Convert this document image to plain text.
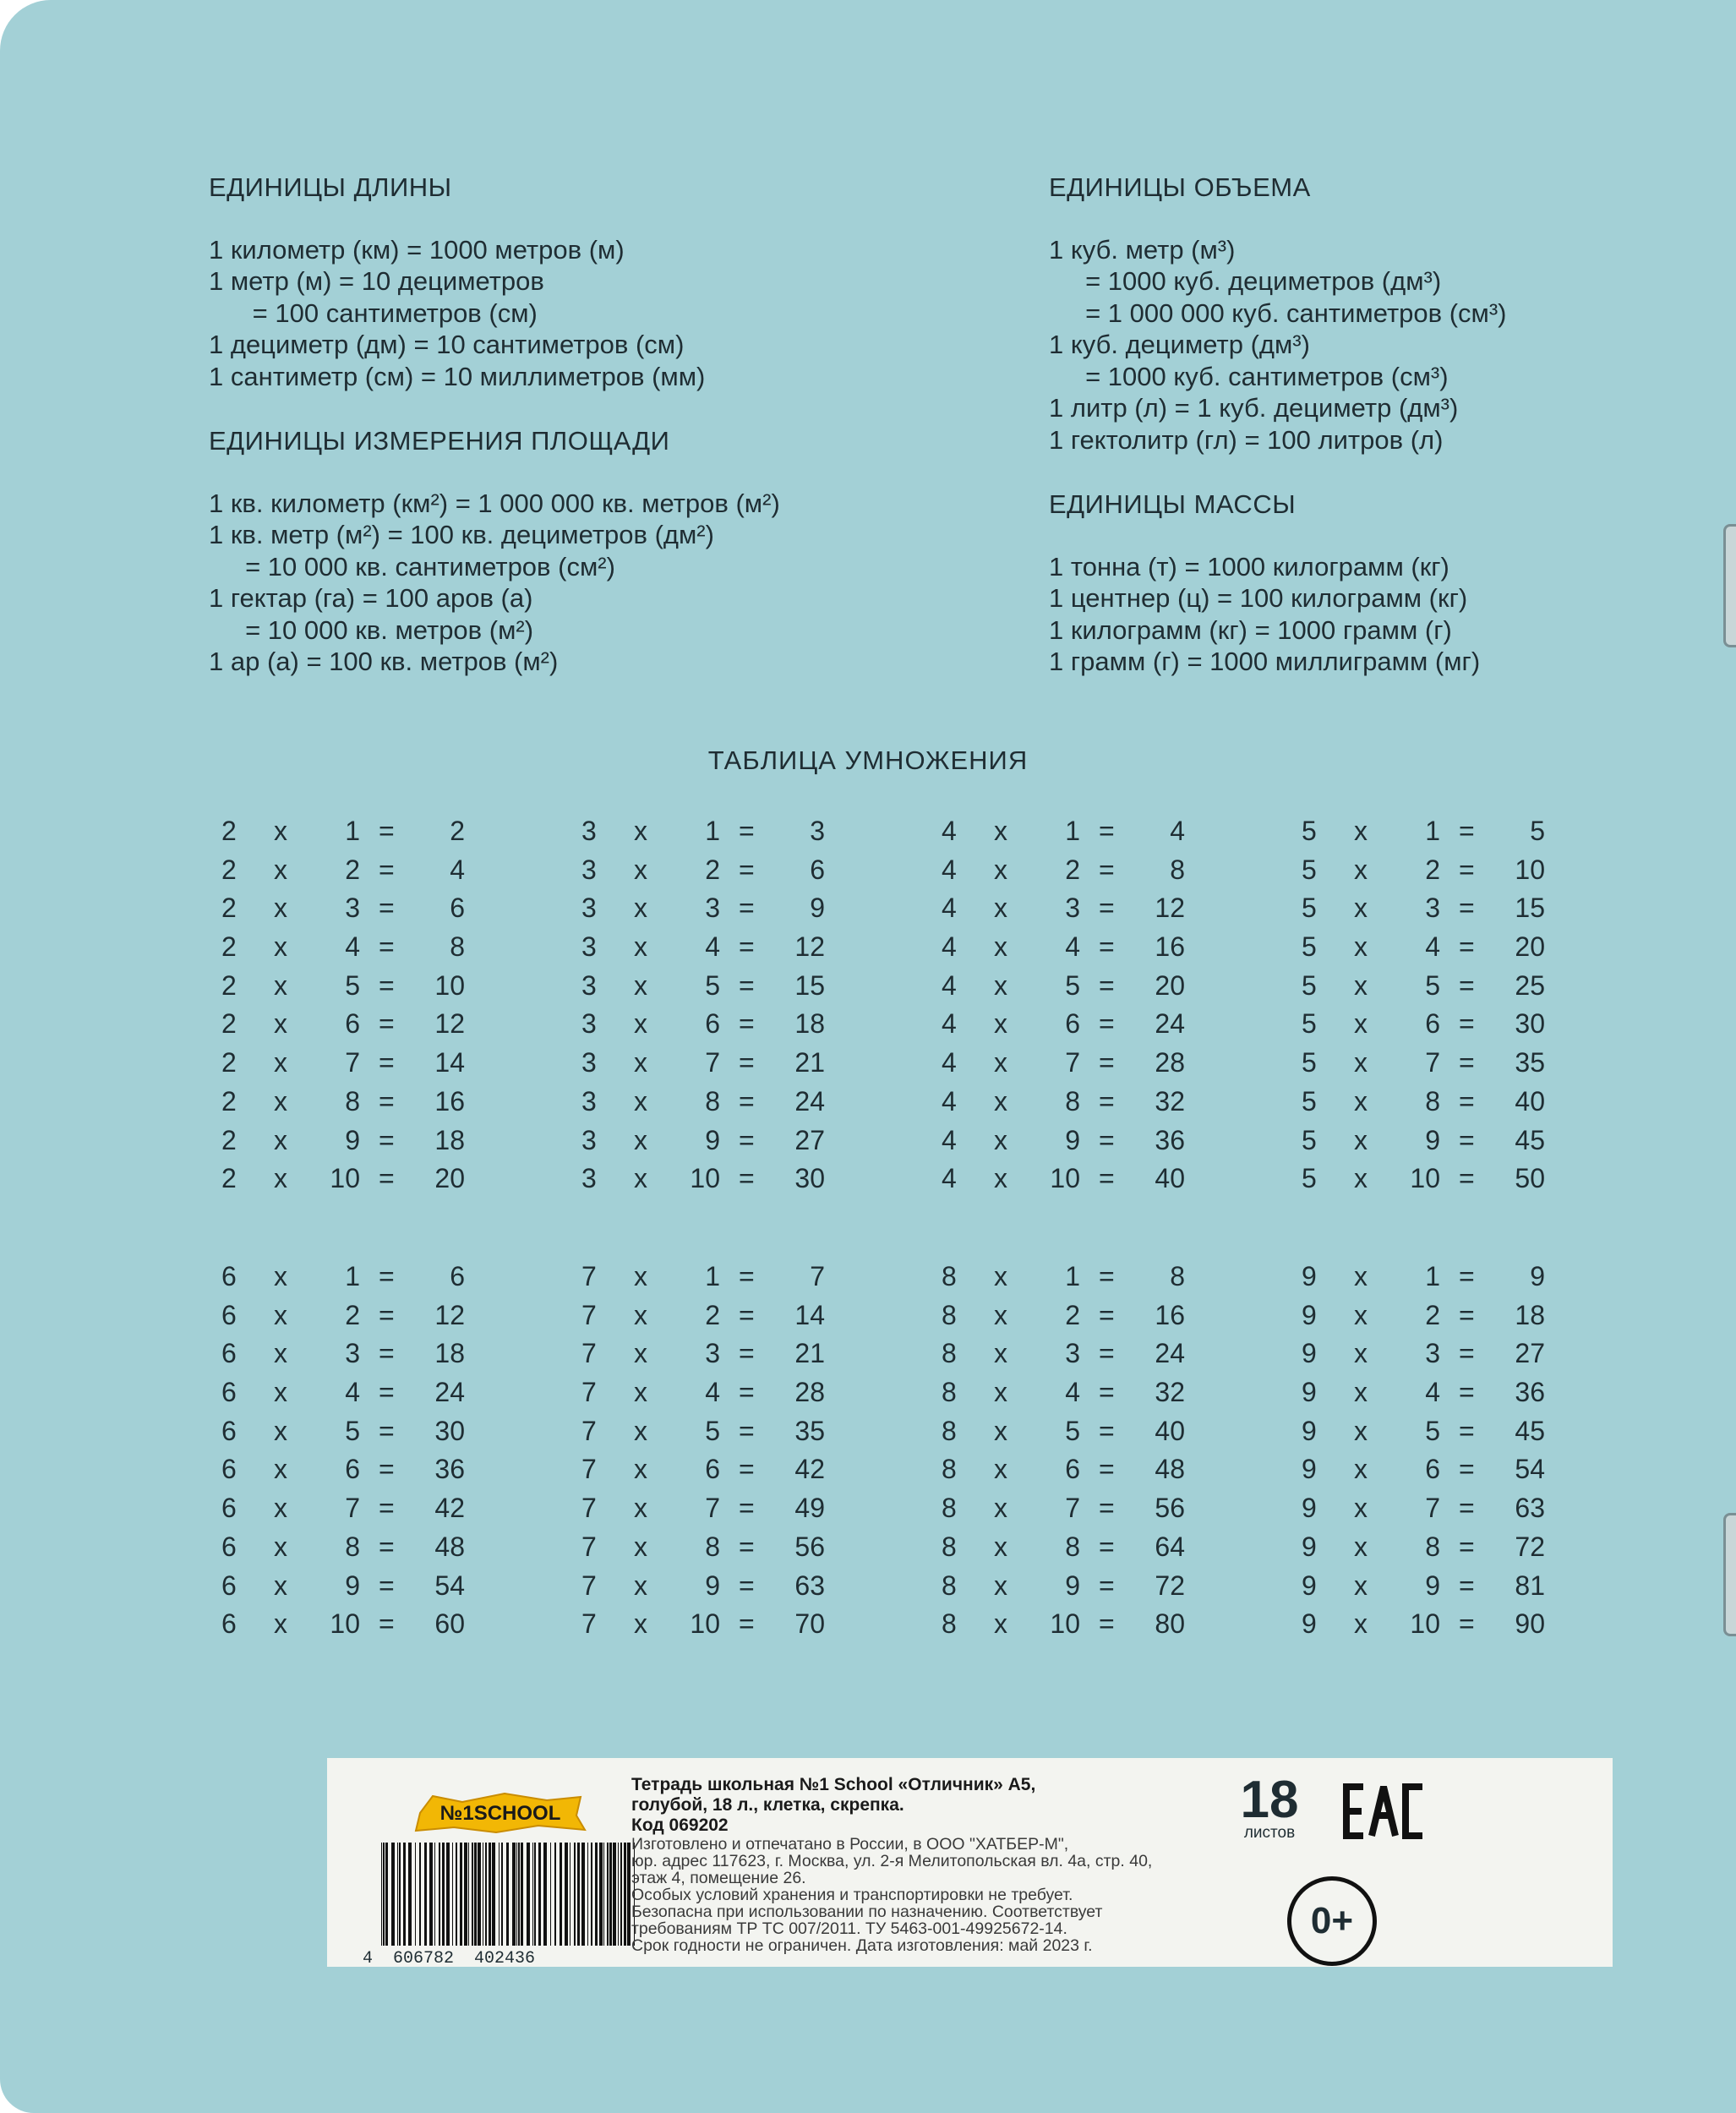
ЕДИНИЦЫ ДЛИНЫ
1 километр (км) = 1000 метров (м)
1 метр (м) = 10 дециметров
= 100 сантиметров (см)
1 дециметр (дм) = 10 сантиметров (см)
1 сантиметр (см) = 10 миллиметров (мм)
ЕДИНИЦЫ ИЗМЕРЕНИЯ ПЛОЩАДИ
1 кв. километр (км²) = 1 000 000 кв. метров (м²)
1 кв. метр (м²) = 100 кв. дециметров (дм²)
= 10 000 кв. сантиметров (см²)
1 гектар (га) = 100 аров (а)
= 10 000 кв. метров (м²)
1 ар (а) = 100 кв. метров (м²)
ЕДИНИЦЫ ОБЪЕМА
1 куб. метр (м³)
= 1000 куб. дециметров (дм³)
= 1 000 000 куб. сантиметров (см³)
1 куб. дециметр (дм³)
= 1000 куб. сантиметров (см³)
1 литр (л) = 1 куб. дециметр (дм³)
1 гектолитр (гл) = 100 литров (л)
ЕДИНИЦЫ МАССЫ
1 тонна (т) = 1000 килограмм (кг)
1 центнер (ц) = 100 килограмм (кг)
1 килограмм (кг) = 1000 грамм (г)
1 грамм (г) = 1000 миллиграмм (мг)
ТАБЛИЦА УМНОЖЕНИЯ
2 x 1 = 2
2 x 2 = 4
2 x 3 = 6
2 x 4 = 8
2 x 5 = 10
2 x 6 = 12
2 x 7 = 14
2 x 8 = 16
2 x 9 = 18
2 x 10 = 20
3 x 1 = 3
3 x 2 = 6
3 x 3 = 9
3 x 4 = 12
3 x 5 = 15
3 x 6 = 18
3 x 7 = 21
3 x 8 = 24
3 x 9 = 27
3 x 10 = 30
4 x 1 = 4
4 x 2 = 8
4 x 3 = 12
4 x 4 = 16
4 x 5 = 20
4 x 6 = 24
4 x 7 = 28
4 x 8 = 32
4 x 9 = 36
4 x 10 = 40
5 x 1 = 5
5 x 2 = 10
5 x 3 = 15
5 x 4 = 20
5 x 5 = 25
5 x 6 = 30
5 x 7 = 35
5 x 8 = 40
5 x 9 = 45
5 x 10 = 50
6 x 1 = 6
6 x 2 = 12
6 x 3 = 18
6 x 4 = 24
6 x 5 = 30
6 x 6 = 36
6 x 7 = 42
6 x 8 = 48
6 x 9 = 54
6 x 10 = 60
7 x 1 = 7
7 x 2 = 14
7 x 3 = 21
7 x 4 = 28
7 x 5 = 35
7 x 6 = 42
7 x 7 = 49
7 x 8 = 56
7 x 9 = 63
7 x 10 = 70
8 x 1 = 8
8 x 2 = 16
8 x 3 = 24
8 x 4 = 32
8 x 5 = 40
8 x 6 = 48
8 x 7 = 56
8 x 8 = 64
8 x 9 = 72
8 x 10 = 80
9 x 1 = 9
9 x 2 = 18
9 x 3 = 27
9 x 4 = 36
9 x 5 = 45
9 x 6 = 54
9 x 7 = 63
9 x 8 = 72
9 x 9 = 81
9 x 10 = 90
№1SCHOOL
4  606782  402436
Тетрадь школьная №1 School «Отличник» А5,
голубой, 18 л., клетка, скрепка.
Код 069202
Изготовлено и отпечатано в России, в ООО "ХАТБЕР-М",
юр. адрес 117623, г. Москва, ул. 2-я Мелитопольская вл. 4а, стр. 40,
этаж 4, помещение 26.
Особых условий хранения и транспортировки не требует.
Безопасна при использовании по назначению. Соответствует
требованиям ТР ТС 007/2011. ТУ 5463-001-49925672-14.
Срок годности не ограничен. Дата изготовления: май 2023 г.
18
листов
0+
